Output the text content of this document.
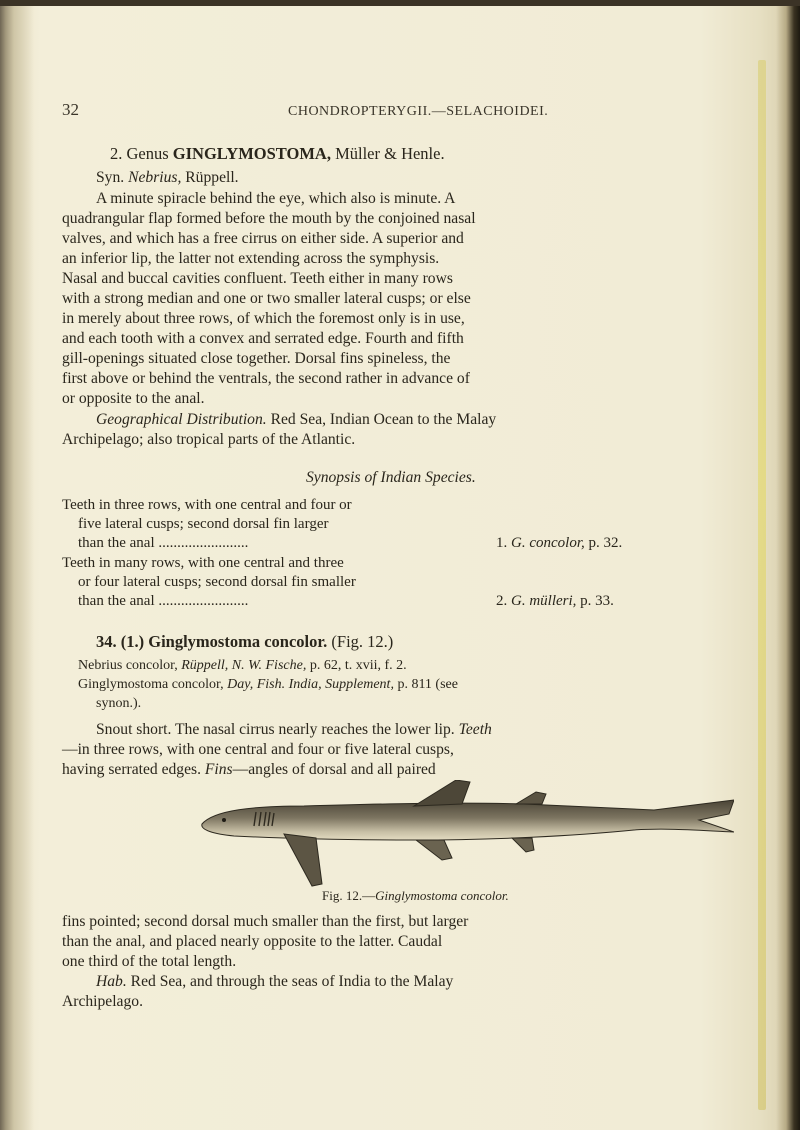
32	CHONDROPTERYGII.—SELACHOIDEI.
2. Genus GINGLYMOSTOMA, Müller & Henle.
Syn. Nebrius, Rüppell.
A minute spiracle behind the eye, which also is minute. A
quadrangular flap formed before the mouth by the conjoined nasal
valves, and which has a free cirrus on either side. A superior and
an inferior lip, the latter not extending across the symphysis.
Nasal and buccal cavities confluent. Teeth either in many rows
with a strong median and one or two smaller lateral cusps; or else
in merely about three rows, of which the foremost only is in use,
and each tooth with a convex and serrated edge. Fourth and fifth
gill-openings situated close together. Dorsal fins spineless, the
first above or behind the ventrals, the second rather in advance of
or opposite to the anal.
Geographical Distribution. Red Sea, Indian Ocean to the Malay
Archipelago; also tropical parts of the Atlantic.
Synopsis of Indian Species.
Teeth in three rows, with one central and four or
five lateral cusps; second dorsal fin larger
than the anal ........................	1. G. concolor, p. 32.
Teeth in many rows, with one central and three
or four lateral cusps; second dorsal fin smaller
than the anal ........................	2. G. mülleri, p. 33.
34. (1.) Ginglymostoma concolor. (Fig. 12.)
Nebrius concolor, Rüppell, N. W. Fische, p. 62, t. xvii, f. 2.
Ginglymostoma concolor, Day, Fish. India, Supplement, p. 811 (see
synon.).
Snout short. The nasal cirrus nearly reaches the lower lip. Teeth
—in three rows, with one central and four or five lateral cusps,
having serrated edges. Fins—angles of dorsal and all paired
Fig. 12.—Ginglymostoma concolor.
fins pointed; second dorsal much smaller than the first, but larger
than the anal, and placed nearly opposite to the latter. Caudal
one third of the total length.
Hab. Red Sea, and through the seas of India to the Malay
Archipelago.
